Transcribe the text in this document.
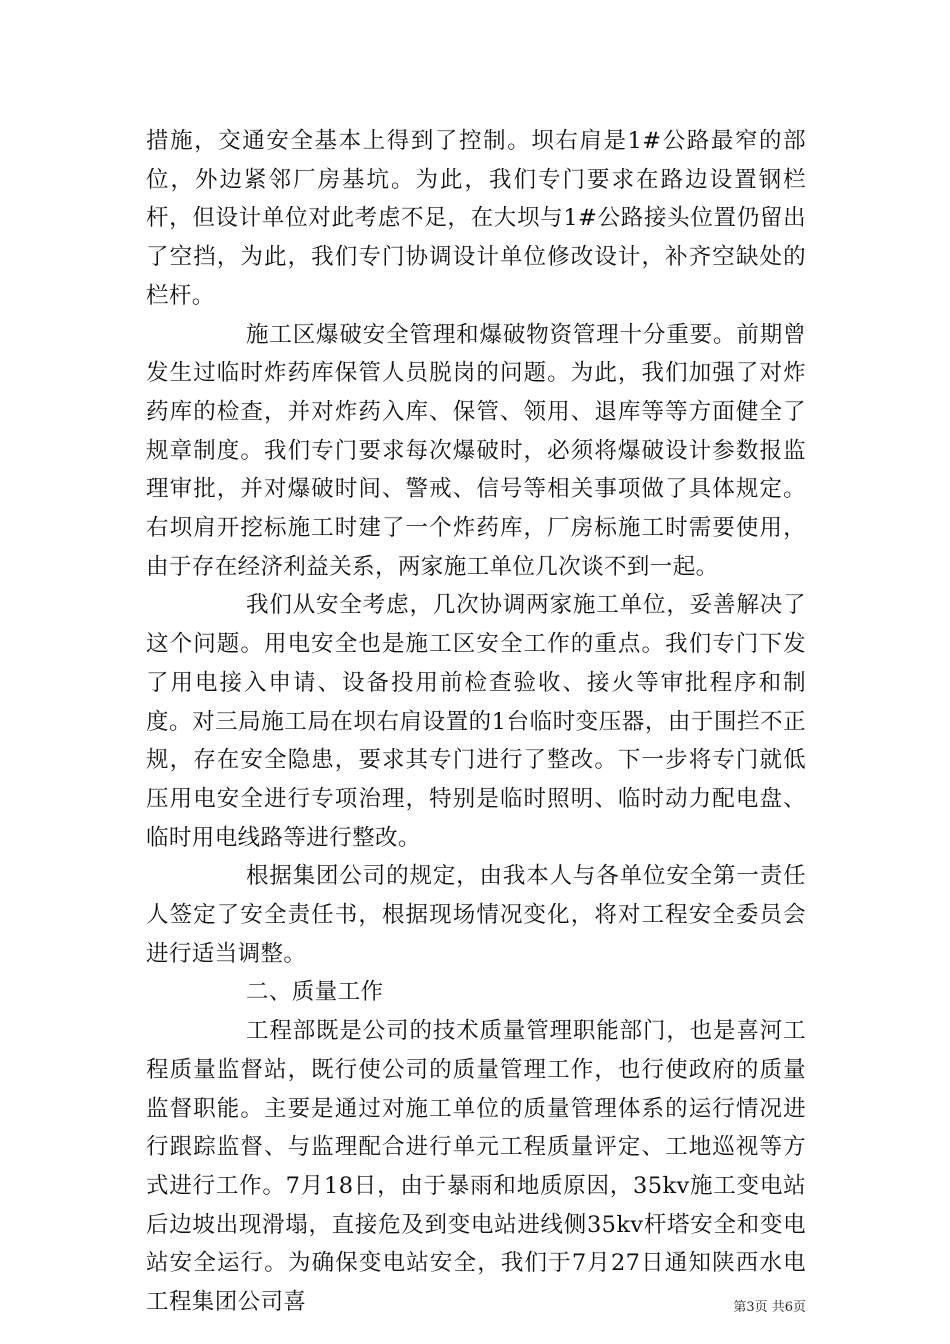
措施，交通安全基本上得到了控制。坝右肩是1#公路最窄的部位，外边紧邻厂房基坑。为此，我们专门要求在路边设置钢栏杆，但设计单位对此考虑不足，在大坝与1#公路接头位置仍留出了空挡，为此，我们专门协调设计单位修改设计，补齐空缺处的栏杆。

施工区爆破安全管理和爆破物资管理十分重要。前期曾发生过临时炸药库保管人员脱岗的问题。为此，我们加强了对炸药库的检查，并对炸药入库、保管、领用、退库等等方面健全了规章制度。我们专门要求每次爆破时，必须将爆破设计参数报监理审批，并对爆破时间、警戒、信号等相关事项做了具体规定。右坝肩开挖标施工时建了一个炸药库，厂房标施工时需要使用，由于存在经济利益关系，两家施工单位几次谈不到一起。

我们从安全考虑，几次协调两家施工单位，妥善解决了这个问题。用电安全也是施工区安全工作的重点。我们专门下发了用电接入申请、设备投用前检查验收、接火等审批程序和制度。对三局施工局在坝右肩设置的1台临时变压器，由于围拦不正规，存在安全隐患，要求其专门进行了整改。下一步将专门就低压用电安全进行专项治理，特别是临时照明、临时动力配电盘、临时用电线路等进行整改。

根据集团公司的规定，由我本人与各单位安全第一责任人签定了安全责任书，根据现场情况变化，将对工程安全委员会进行适当调整。

二、质量工作

工程部既是公司的技术质量管理职能部门，也是喜河工程质量监督站，既行使公司的质量管理工作，也行使政府的质量监督职能。主要是通过对施工单位的质量管理体系的运行情况进行跟踪监督、与监理配合进行单元工程质量评定、工地巡视等方式进行工作。7月18日，由于暴雨和地质原因，35kv施工变电站后边坡出现滑塌，直接危及到变电站进线侧35kv杆塔安全和变电站安全运行。为确保变电站安全，我们于7月27日通知陕西水电工程集团公司喜	第3页 共6页
